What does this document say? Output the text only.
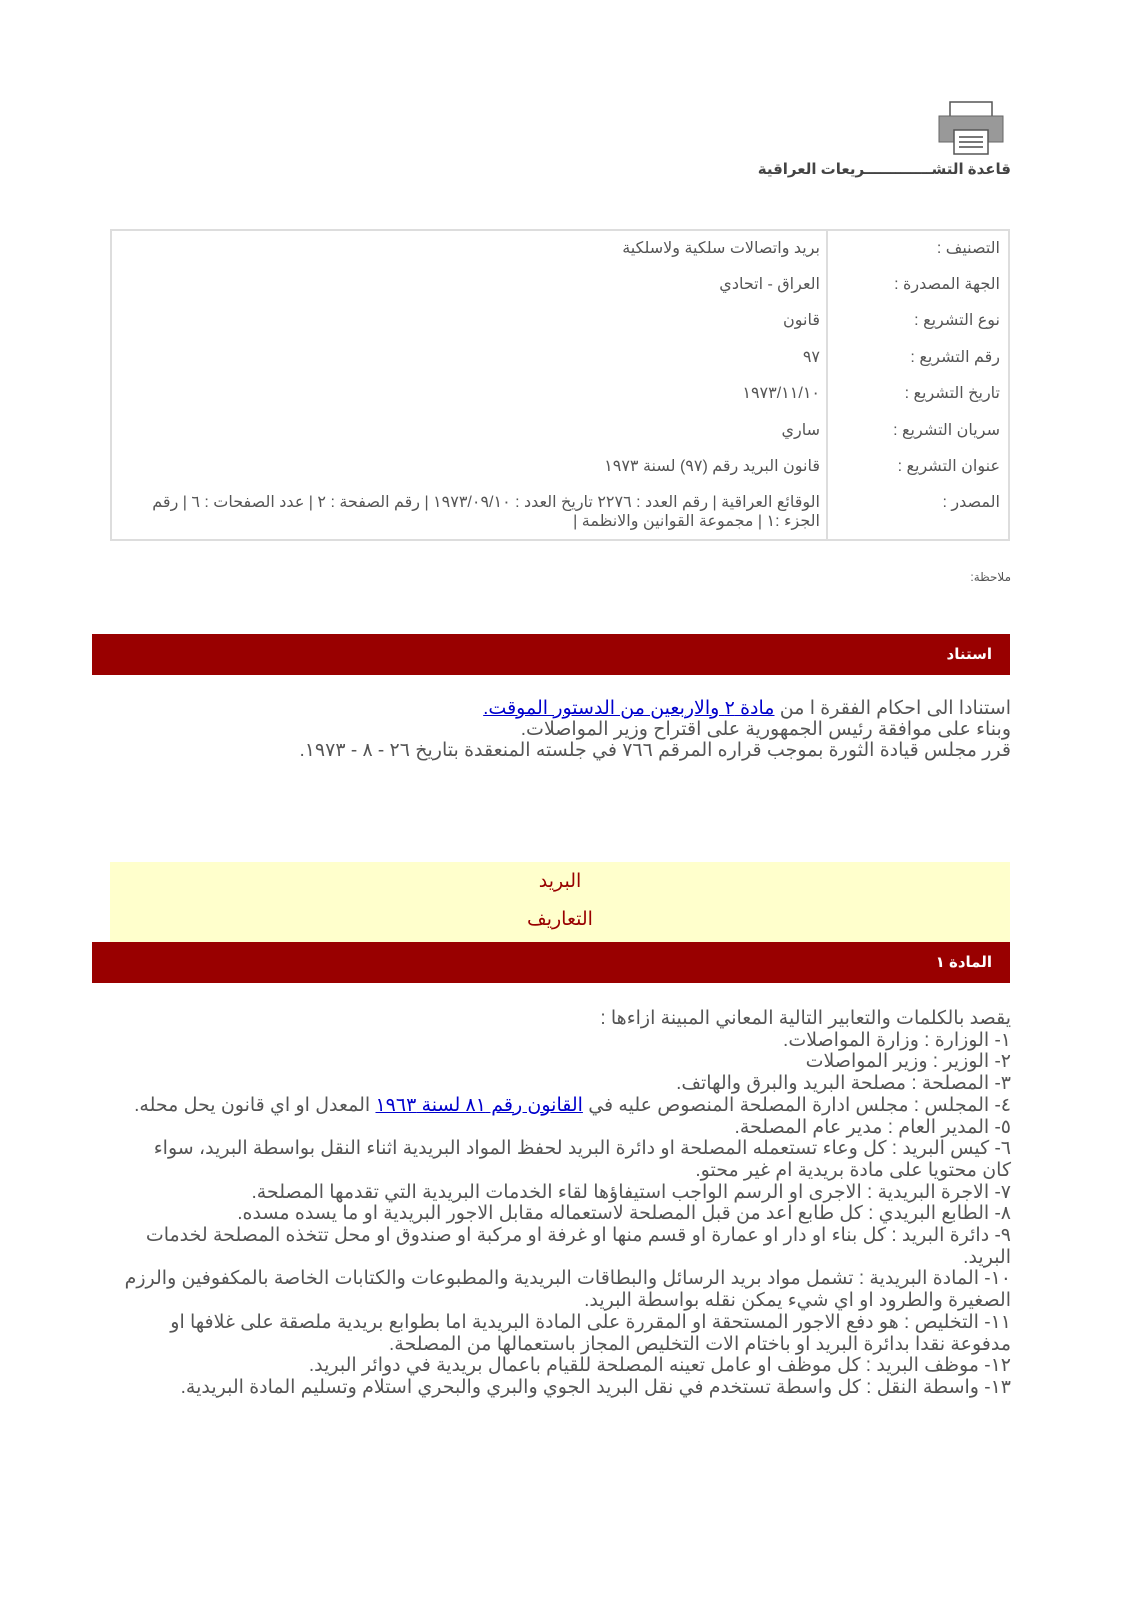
قاعدة التشـــــــــــــريعات العراقية
التصنيف :	بريد واتصالات سلكية ولاسلكية
الجهة المصدرة :	العراق - اتحادي
نوع التشريع :	قانون
رقم التشريع :	٩٧
تاريخ التشريع :	١٩٧٣/١١/١٠
سريان التشريع :	ساري
عنوان التشريع :	قانون البريد رقم (٩٧) لسنة ١٩٧٣
المصدر :	الوقائع العراقية | رقم العدد : ٢٢٧٦ تاريخ العدد : ١٩٧٣/٠٩/١٠ | رقم الصفحة : ٢ | عدد الصفحات : ٦ | رقم الجزء :١ | مجموعة القوانين والانظمة |
ملاحظة:
استناد

استنادا الى احكام الفقرة ا من مادة ٢ والاربعين من الدستور الموقت.

وبناء على موافقة رئيس الجمهورية على اقتراح وزير المواصلات.

قرر مجلس قيادة الثورة بموجب قراره المرقم ٧٦٦ في جلسته المنعقدة بتاريخ ٢٦ - ٨ - ١٩٧٣.

البريد
التعاريف
المادة ١

يقصد بالكلمات والتعابير التالية المعاني المبينة ازاءها :

١- الوزارة : وزارة المواصلات.

٢- الوزير : وزير المواصلات

٣- المصلحة : مصلحة البريد والبرق والهاتف.

٤- المجلس : مجلس ادارة المصلحة المنصوص عليه في القانون رقم ٨١ لسنة ١٩٦٣ المعدل او اي قانون يحل محله.

٥- المدير العام : مدير عام المصلحة.

٦- كيس البريد : كل وعاء تستعمله المصلحة او دائرة البريد لحفظ المواد البريدية اثناء النقل بواسطة البريد، سواء كان محتويا على مادة بريدية ام غير محتو.

٧- الاجرة البريدية : الاجرى او الرسم الواجب استيفاؤها لقاء الخدمات البريدية التي تقدمها المصلحة.

٨- الطابع البريدي : كل طابع اعد من قبل المصلحة لاستعماله مقابل الاجور البريدية او ما يسده مسده.

٩- دائرة البريد : كل بناء او دار او عمارة او قسم منها او غرفة او مركبة او صندوق او محل تتخذه المصلحة لخدمات البريد.

١٠- المادة البريدية : تشمل مواد بريد الرسائل والبطاقات البريدية والمطبوعات والكتابات الخاصة بالمكفوفين والرزم الصغيرة والطرود او اي شيء يمكن نقله بواسطة البريد.

١١- التخليص : هو دفع الاجور المستحقة او المقررة على المادة البريدية اما بطوابع بريدية ملصقة على غلافها او مدفوعة نقدا بدائرة البريد او باختام الات التخليص المجاز باستعمالها من المصلحة.

١٢- موظف البريد : كل موظف او عامل تعينه المصلحة للقيام باعمال بريدية في دوائر البريد.

١٣- واسطة النقل : كل واسطة تستخدم في نقل البريد الجوي والبري والبحري استلام وتسليم المادة البريدية.
